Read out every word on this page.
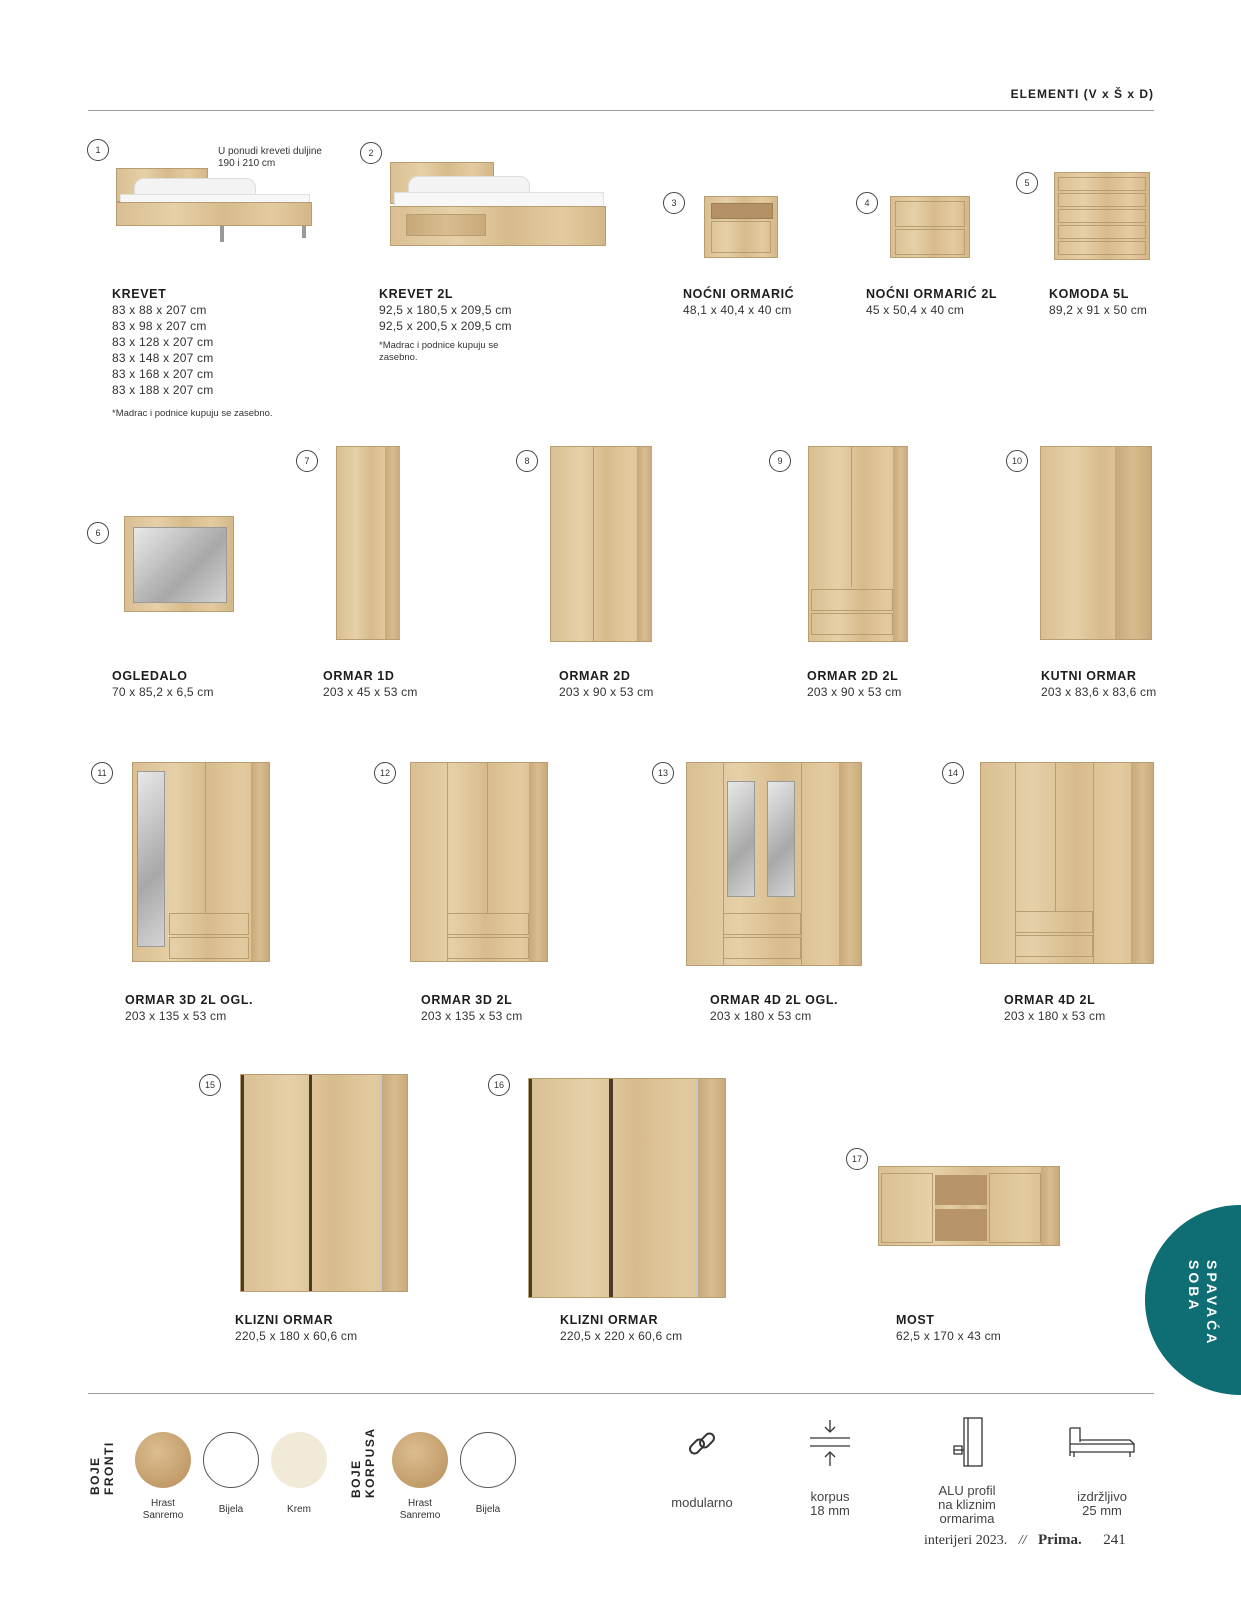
ELEMENTI (V x Š x D)
1	U ponudi kreveti duljine 190 i 210 cm
KREVET
83 x 88 x 207 cm
83 x 98 x 207 cm
83 x 128 x 207 cm
83 x 148 x 207 cm
83 x 168 x 207 cm
83 x 188 x 207 cm
*Madrac i podnice kupuju se zasebno.
2
KREVET 2L
92,5 x 180,5 x 209,5 cm
92,5 x 200,5 x 209,5 cm
*Madrac i podnice kupuju se zasebno.
3
NOĆNI ORMARIĆ
48,1 x 40,4 x 40 cm
4
NOĆNI ORMARIĆ 2L
45 x 50,4 x 40 cm
5
KOMODA 5L
89,2 x 91 x 50 cm
6
OGLEDALO
70 x 85,2 x 6,5 cm
7
ORMAR 1D
203 x 45 x 53 cm
8
ORMAR 2D
203 x 90 x 53 cm
9
ORMAR 2D 2L
203 x 90 x 53 cm
10
KUTNI ORMAR
203 x 83,6 x 83,6 cm
11
ORMAR 3D 2L OGL.
203 x 135 x 53 cm
12
ORMAR 3D 2L
203 x 135 x 53 cm
13
ORMAR 4D 2L OGL.
203 x 180 x 53 cm
14
ORMAR 4D 2L
203 x 180 x 53 cm
15
KLIZNI ORMAR
220,5 x 180 x 60,6 cm
16
KLIZNI ORMAR
220,5 x 220 x 60,6 cm
17
MOST
62,5 x 170 x 43 cm	SPAVAĆA
SOBA
BOJE FRONTI
Hrast
Sanremo
Bijela	Krem
BOJE KORPUSA
Hrast
Sanremo
Bijela	modularno	korpus
18 mm
ALU profil
na kliznim
ormarima
izdržljivo
25 mm
interijeri 2023. // Prima. 241
